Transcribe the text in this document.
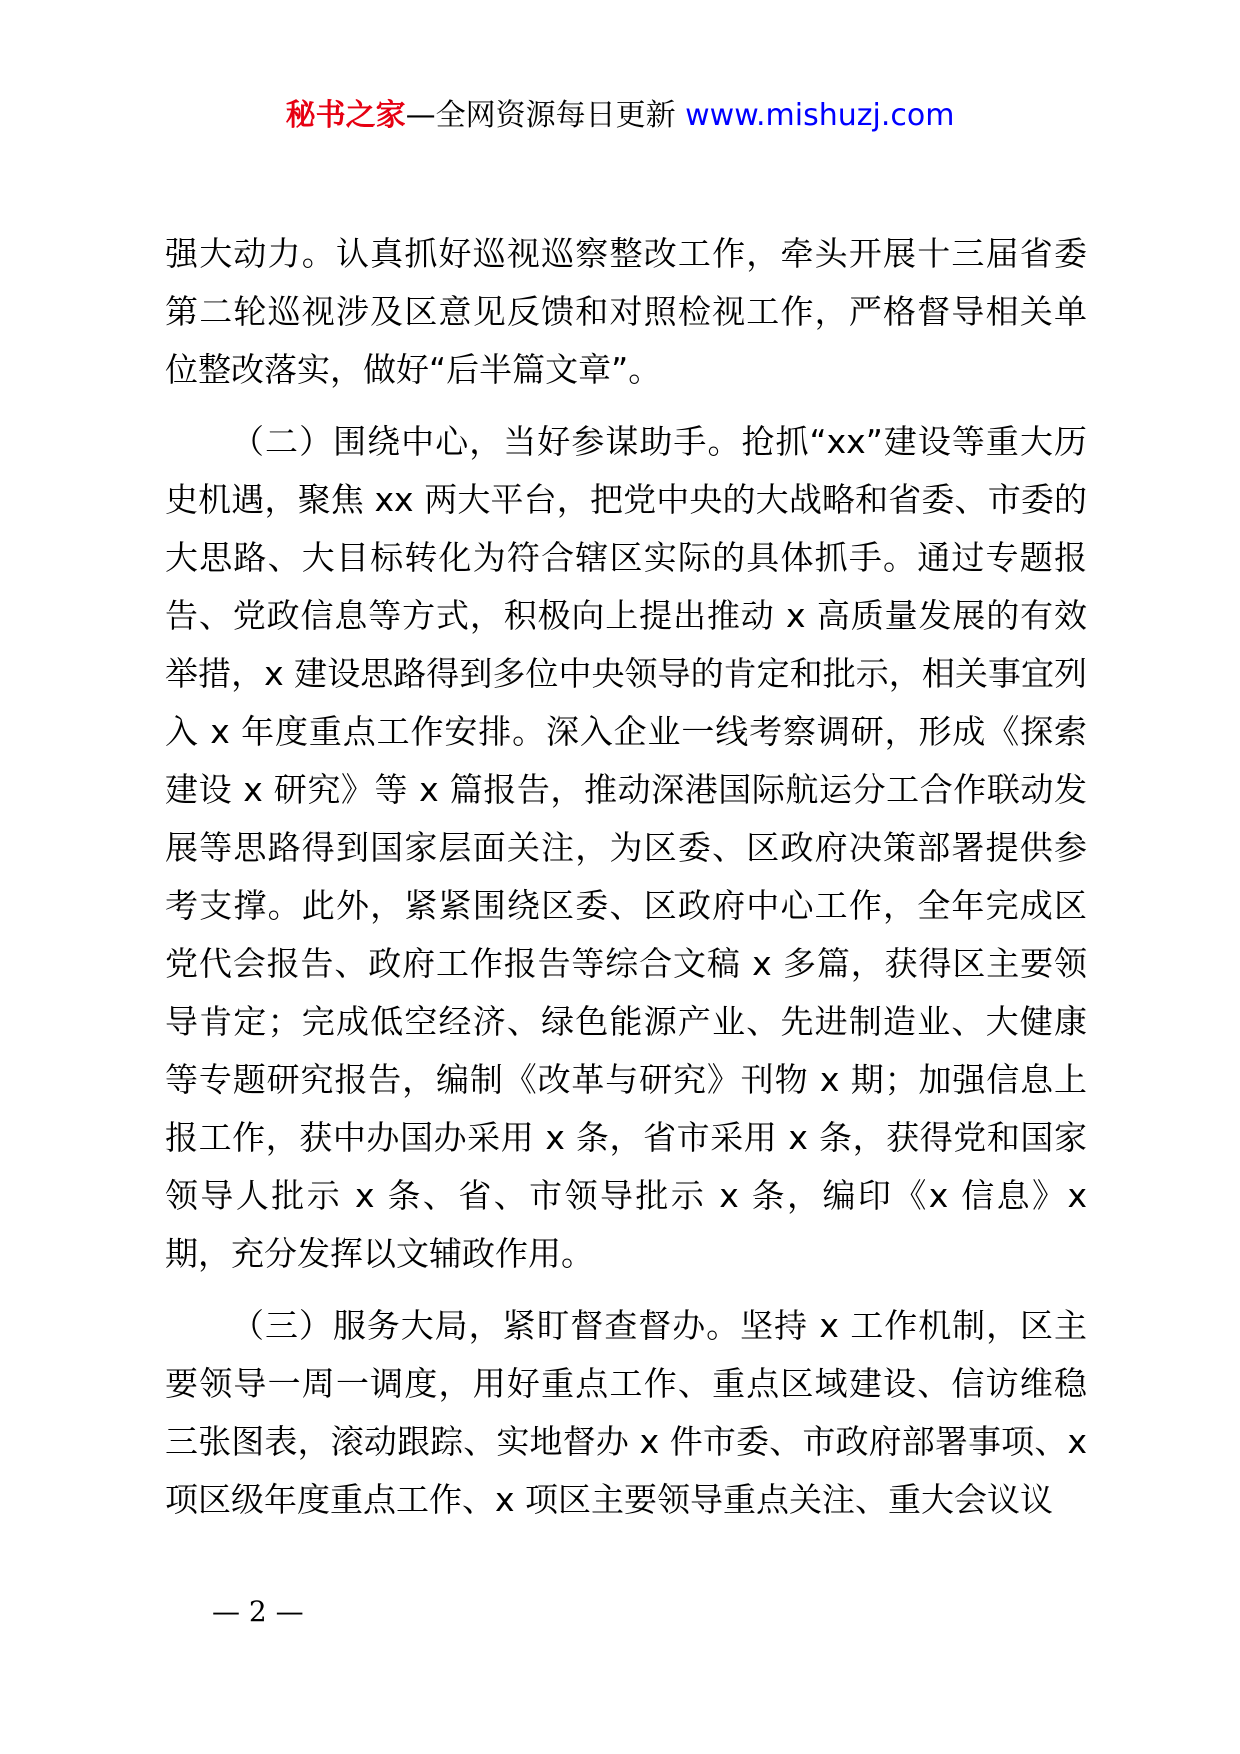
秘书之家—全网资源每日更新 www.mishuzj.com

强大动力。认真抓好巡视巡察整改工作，牵头开展十三届省委第二轮巡视涉及区意见反馈和对照检视工作，严格督导相关单位整改落实，做好“后半篇文章”。

（二）围绕中心，当好参谋助手。抢抓“xx”建设等重大历史机遇，聚焦 xx 两大平台，把党中央的大战略和省委、市委的大思路、大目标转化为符合辖区实际的具体抓手。通过专题报告、党政信息等方式，积极向上提出推动 x 高质量发展的有效举措，x 建设思路得到多位中央领导的肯定和批示，相关事宜列入 x 年度重点工作安排。深入企业一线考察调研，形成《探索建设 x 研究》等 x 篇报告，推动深港国际航运分工合作联动发展等思路得到国家层面关注，为区委、区政府决策部署提供参考支撑。此外，紧紧围绕区委、区政府中心工作，全年完成区党代会报告、政府工作报告等综合文稿 x 多篇，获得区主要领导肯定；完成低空经济、绿色能源产业、先进制造业、大健康等专题研究报告，编制《改革与研究》刊物 x 期；加强信息上报工作，获中办国办采用 x 条，省市采用 x 条，获得党和国家领导人批示 x 条、省、市领导批示 x 条，编印《x 信息》x 期，充分发挥以文辅政作用。

（三）服务大局，紧盯督查督办。坚持 x 工作机制，区主要领导一周一调度，用好重点工作、重点区域建设、信访维稳三张图表，滚动跟踪、实地督办 x 件市委、市政府部署事项、x 项区级年度重点工作、x 项区主要领导重点关注、重大会议议

— 2 —
